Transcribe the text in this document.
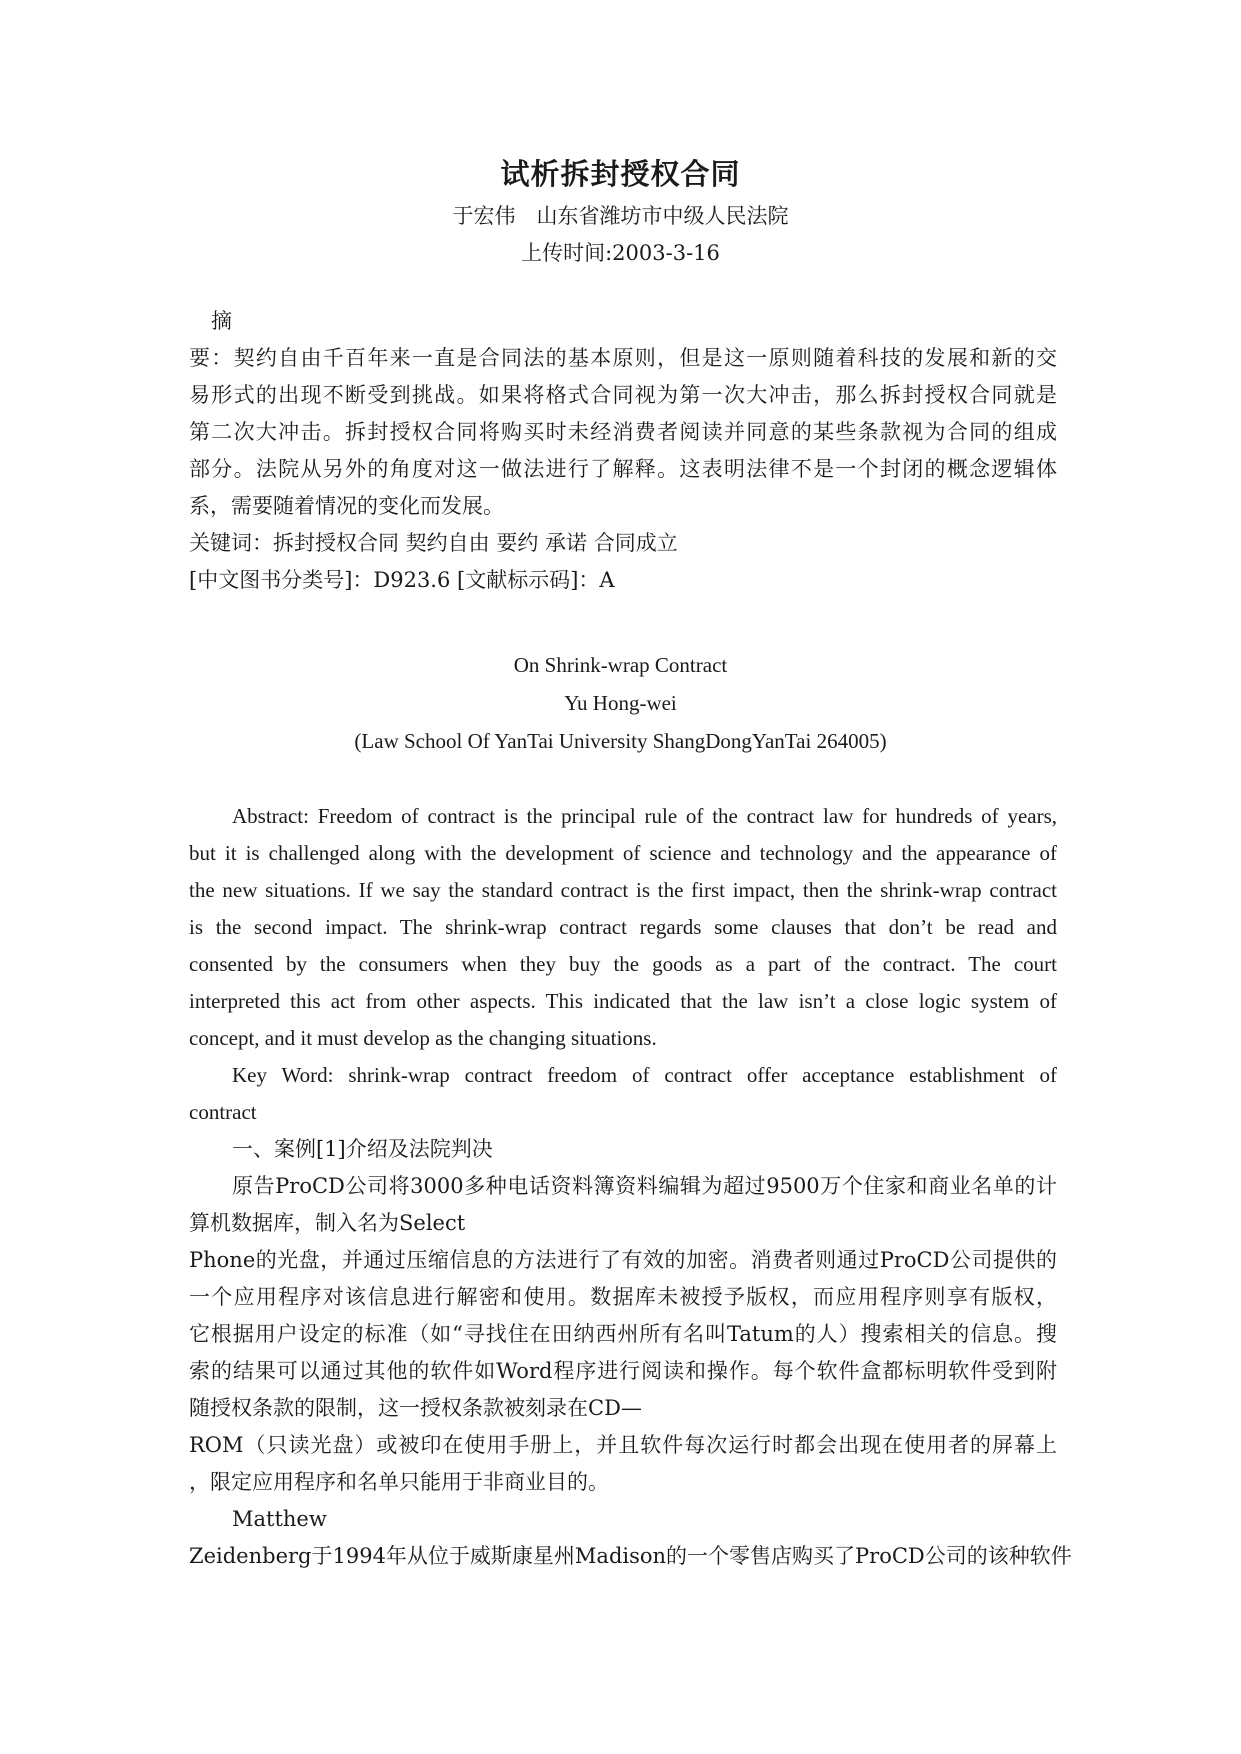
试析拆封授权合同
于宏伟　山东省潍坊市中级人民法院
上传时间:2003-3-16
摘
要：契约自由千百年来一直是合同法的基本原则，但是这一原则随着科技的发展和新的交
易形式的出现不断受到挑战。如果将格式合同视为第一次大冲击，那么拆封授权合同就是
第二次大冲击。拆封授权合同将购买时未经消费者阅读并同意的某些条款视为合同的组成
部分。法院从另外的角度对这一做法进行了解释。这表明法律不是一个封闭的概念逻辑体
系，需要随着情况的变化而发展。
关键词：拆封授权合同 契约自由 要约 承诺 合同成立
[中文图书分类号]：D923.6 [文献标示码]：A
On Shrink-wrap Contract
Yu Hong-wei
(Law School Of YanTai University ShangDongYanTai 264005)
Abstract: Freedom of contract is the principal rule of the contract law for hundreds of years,
but it is challenged along with the development of science and technology and the appearance of
the new situations. If we say the standard contract is the first impact, then the shrink-wrap contract
is the second impact. The shrink-wrap contract regards some clauses that don’t be read and
consented by the consumers when they buy the goods as a part of the contract. The court
interpreted this act from other aspects. This indicated that the law isn’t a close logic system of
concept, and it must develop as the changing situations.
Key Word: shrink-wrap contract freedom of contract offer acceptance establishment of
contract
一、案例[1]介绍及法院判决
原告ProCD公司将3000多种电话资料簿资料编辑为超过9500万个住家和商业名单的计
算机数据库，制入名为Select
Phone的光盘，并通过压缩信息的方法进行了有效的加密。消费者则通过ProCD公司提供的
一个应用程序对该信息进行解密和使用。数据库未被授予版权，而应用程序则享有版权，
它根据用户设定的标准（如“寻找住在田纳西州所有名叫Tatum的人）搜索相关的信息。搜
索的结果可以通过其他的软件如Word程序进行阅读和操作。每个软件盒都标明软件受到附
随授权条款的限制，这一授权条款被刻录在CD—
ROM（只读光盘）或被印在使用手册上，并且软件每次运行时都会出现在使用者的屏幕上
，限定应用程序和名单只能用于非商业目的。
Matthew
Zeidenberg于1994年从位于威斯康星州Madison的一个零售店购买了ProCD公司的该种软件
